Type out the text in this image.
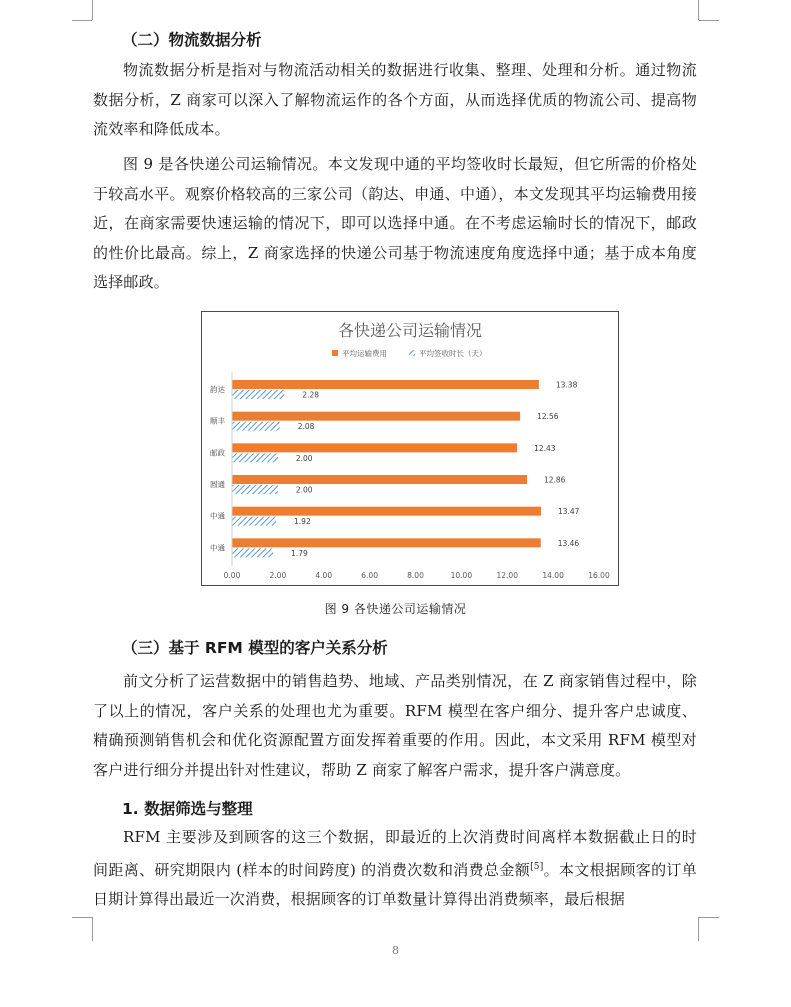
（二）物流数据分析

物流数据分析是指对与物流活动相关的数据进行收集、整理、处理和分析。通过物流数据分析，Z 商家可以深入了解物流运作的各个方面，从而选择优质的物流公司、提高物流效率和降低成本。

图 9 是各快递公司运输情况。本文发现中通的平均签收时长最短，但它所需的价格处于较高水平。观察价格较高的三家公司（韵达、申通、中通），本文发现其平均运输费用接近，在商家需要快速运输的情况下，即可以选择中通。在不考虑运输时长的情况下，邮政的性价比最高。综上，Z 商家选择的快递公司基于物流速度角度选择中通；基于成本角度选择邮政。

各快递公司运输情况
平均运输费用	平均签收时长（天）
13.38
2.28
韵达
12.56
2.08
顺丰
12.43
2.00
邮政
12.86
2.00
圆通
13.47
1.92
中通
13.46
1.79
中通
0.00	2.00	4.00	6.00	8.00	10.00	12.00	14.00	16.00
图 9 各快递公司运输情况
（三）基于 RFM 模型的客户关系分析

前文分析了运营数据中的销售趋势、地域、产品类别情况，在 Z 商家销售过程中，除了以上的情况，客户关系的处理也尤为重要。RFM 模型在客户细分、提升客户忠诚度、精确预测销售机会和优化资源配置方面发挥着重要的作用。因此，本文采用 RFM 模型对客户进行细分并提出针对性建议，帮助 Z 商家了解客户需求，提升客户满意度。

1. 数据筛选与整理

RFM 主要涉及到顾客的这三个数据，即最近的上次消费时间离样本数据截止日的时间距离、研究期限内 (样本的时间跨度) 的消费次数和消费总金额[5]。本文根据顾客的订单日期计算得出最近一次消费，根据顾客的订单数量计算得出消费频率，最后根据

8
